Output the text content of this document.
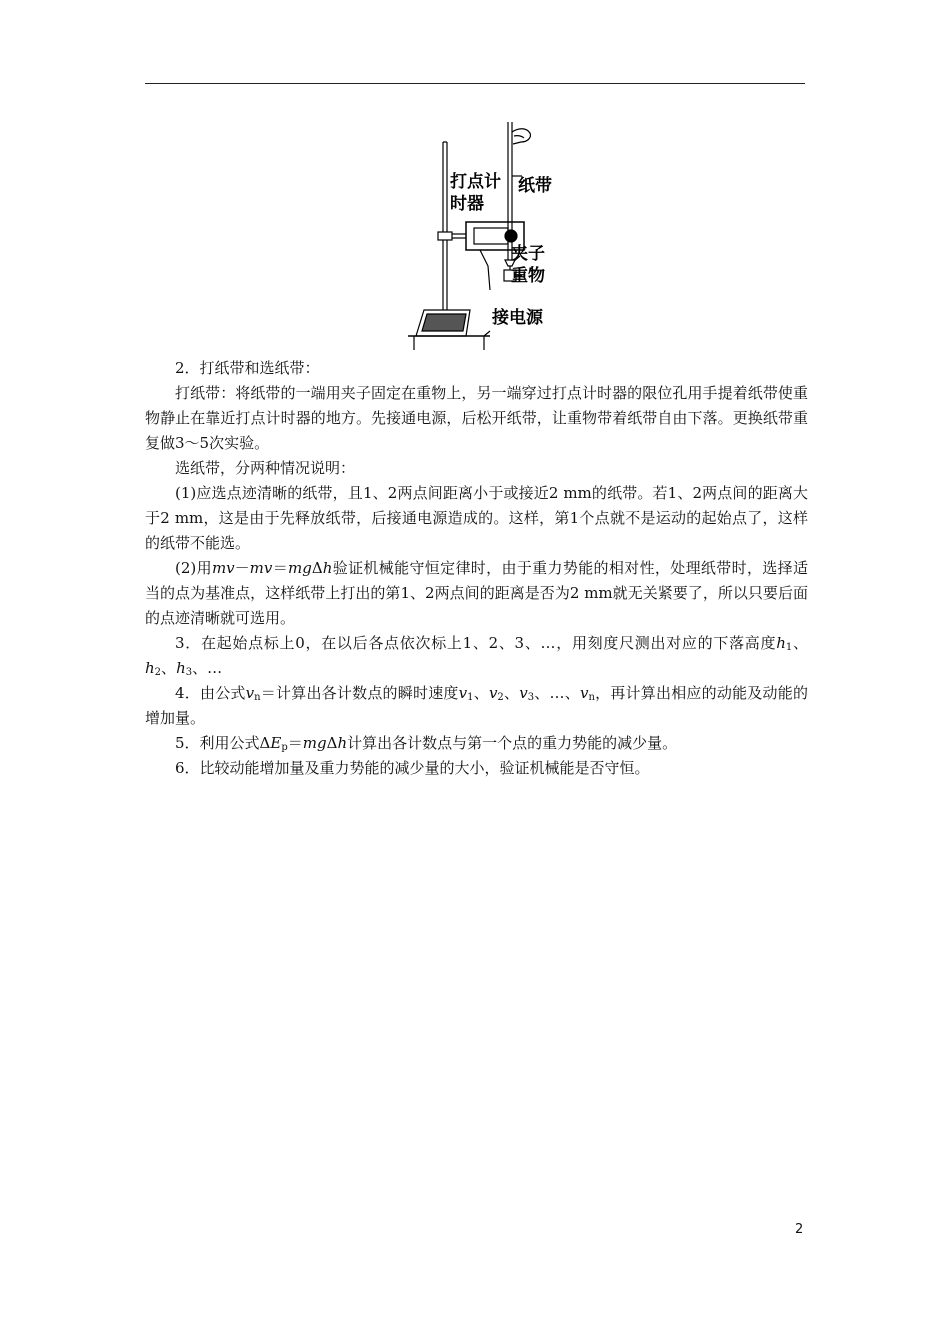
打点计
时器
纸带
夹子
重物
接电源

2．打纸带和选纸带：

打纸带：将纸带的一端用夹子固定在重物上，另一端穿过打点计时器的限位孔用手提着纸带使重物静止在靠近打点计时器的地方。先接通电源，后松开纸带，让重物带着纸带自由下落。更换纸带重复做3～5次实验。

选纸带，分两种情况说明：

(1)应选点迹清晰的纸带，且1、2两点间距离小于或接近2 mm的纸带。若1、2两点间的距离大于2 mm，这是由于先释放纸带，后接通电源造成的。这样，第1个点就不是运动的起始点了，这样的纸带不能选。

(2)用mv－mv＝mgΔh验证机械能守恒定律时，由于重力势能的相对性，处理纸带时，选择适当的点为基准点，这样纸带上打出的第1、2两点间的距离是否为2 mm就无关紧要了，所以只要后面的点迹清晰就可选用。

3．在起始点标上0，在以后各点依次标上1、2、3、…，用刻度尺测出对应的下落高度$h_1$、$h_2$、$h_3$、…

4．由公式$v_n=$计算出各计数点的瞬时速度$v_1$、$v_2$、$v_3$、…、$v_n$，再计算出相应的动能及动能的增加量。

5．利用公式$\Delta E_p=mg\Delta h$计算出各计数点与第一个点的重力势能的减少量。

6．比较动能增加量及重力势能的减少量的大小，验证机械能是否守恒。

2
